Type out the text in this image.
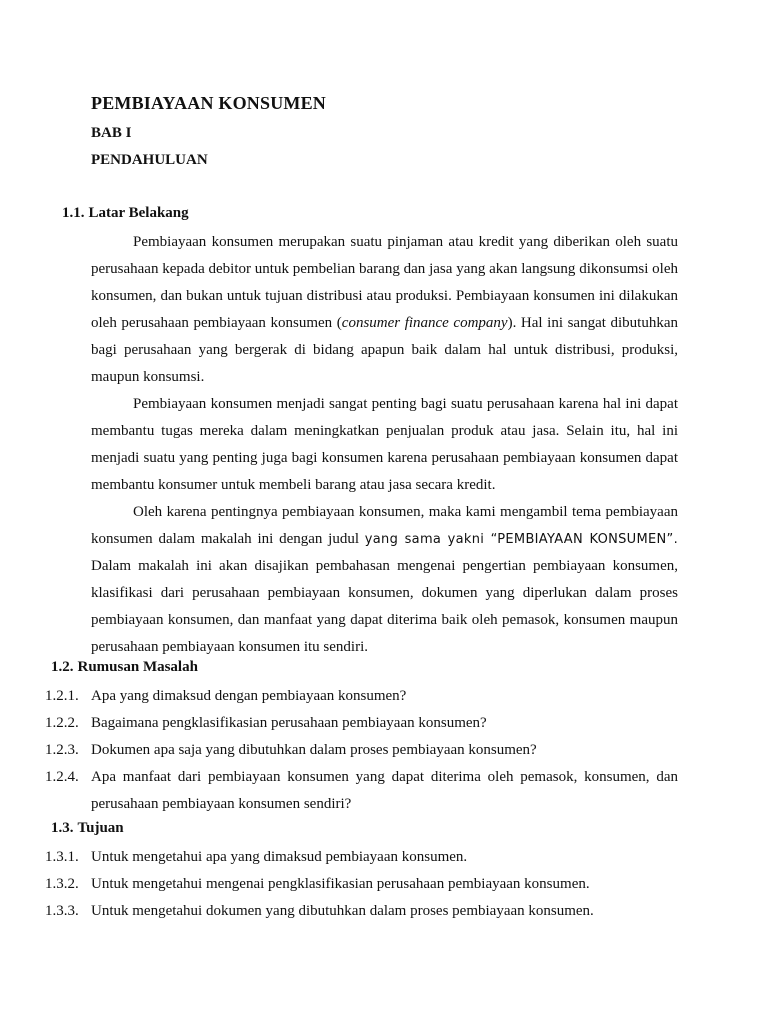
PEMBIAYAAN KONSUMEN
BAB I
PENDAHULUAN
1.1. Latar Belakang

Pembiayaan konsumen merupakan suatu pinjaman atau kredit yang diberikan oleh suatu perusahaan kepada debitor untuk pembelian barang dan jasa yang akan langsung dikonsumsi oleh konsumen, dan bukan untuk tujuan distribusi atau produksi. Pembiayaan konsumen ini dilakukan oleh perusahaan pembiayaan konsumen (consumer finance company). Hal ini sangat dibutuhkan bagi perusahaan yang bergerak di bidang apapun baik dalam hal untuk distribusi, produksi, maupun konsumsi.

Pembiayaan konsumen menjadi sangat penting bagi suatu perusahaan karena hal ini dapat membantu tugas mereka dalam meningkatkan penjualan produk atau jasa. Selain itu, hal ini menjadi suatu yang penting juga bagi konsumen karena perusahaan pembiayaan konsumen dapat membantu konsumer untuk membeli barang atau jasa secara kredit.

Oleh karena pentingnya pembiayaan konsumen, maka kami mengambil tema pembiayaan konsumen dalam makalah ini dengan judul yang sama yakni “PEMBIAYAAN KONSUMEN”. Dalam makalah ini akan disajikan pembahasan mengenai pengertian pembiayaan konsumen, klasifikasi dari perusahaan pembiayaan konsumen, dokumen yang diperlukan dalam proses pembiayaan konsumen, dan manfaat yang dapat diterima baik oleh pemasok, konsumen maupun perusahaan pembiayaan konsumen itu sendiri.

1.2. Rumusan Masalah
1.2.1. Apa yang dimaksud dengan pembiayaan konsumen?
1.2.2. Bagaimana pengklasifikasian perusahaan pembiayaan konsumen?
1.2.3. Dokumen apa saja yang dibutuhkan dalam proses pembiayaan konsumen?
1.2.4. Apa manfaat dari pembiayaan konsumen yang dapat diterima oleh pemasok, konsumen, dan perusahaan pembiayaan konsumen sendiri?
1.3. Tujuan
1.3.1. Untuk mengetahui apa yang dimaksud pembiayaan konsumen.
1.3.2. Untuk mengetahui mengenai pengklasifikasian perusahaan pembiayaan konsumen.
1.3.3. Untuk mengetahui dokumen yang dibutuhkan dalam proses pembiayaan konsumen.
